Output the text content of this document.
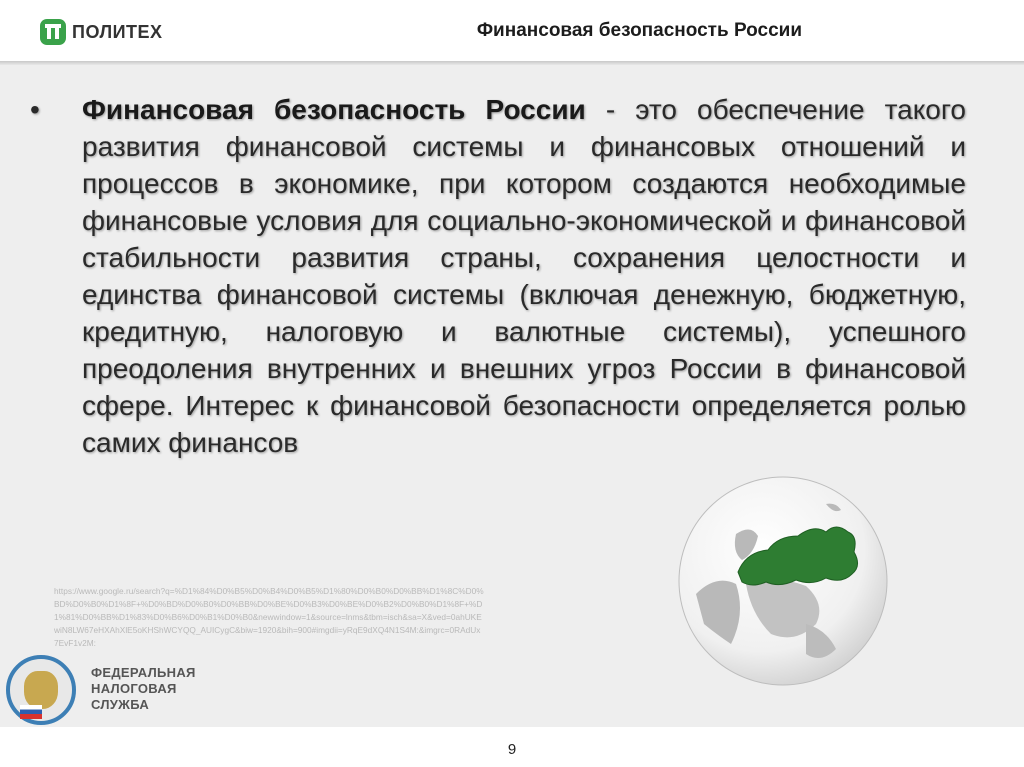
ПОЛИТЕХ	Финансовая безопасность России
• Финансовая безопасность России - это обеспечение такого развития финансовой системы и финансовых отношений и процессов в экономике, при котором создаются необходимые финансовые условия для социально-экономической и финансовой стабильности развития страны, сохранения целостности и единства финансовой системы (включая денежную, бюджетную, кредитную, налоговую и валютные системы), успешного преодоления внутренних и внешних угроз России в финансовой сфере. Интерес к финансовой безопасности определяется ролью самих финансов
https://www.google.ru/search?q=%D1%84%D0%B5%D0%B4%D0%B5%D1%80%D0%B0%D0%BB%D1%8C%D0%BD%D0%B0%D1%8F+%D0%BD%D0%B0%D0%BB%D0%BE%D0%B3%D0%BE%D0%B2%D0%B0%D1%8F+%D1%81%D0%BB%D1%83%D0%B6%D0%B1%D0%B0&newwindow=1&source=lnms&tbm=isch&sa=X&ved=0ahUKEwiN8LW67eHXAhXlE5oKHShWCYQQ_AUICygC&biw=1920&bih=900#imgdii=yRqE9dXQ4N1S4M:&imgrc=0RAdUx7EvF1v2M:
ФЕДЕРАЛЬНАЯ
НАЛОГОВАЯ СЛУЖБА
9
